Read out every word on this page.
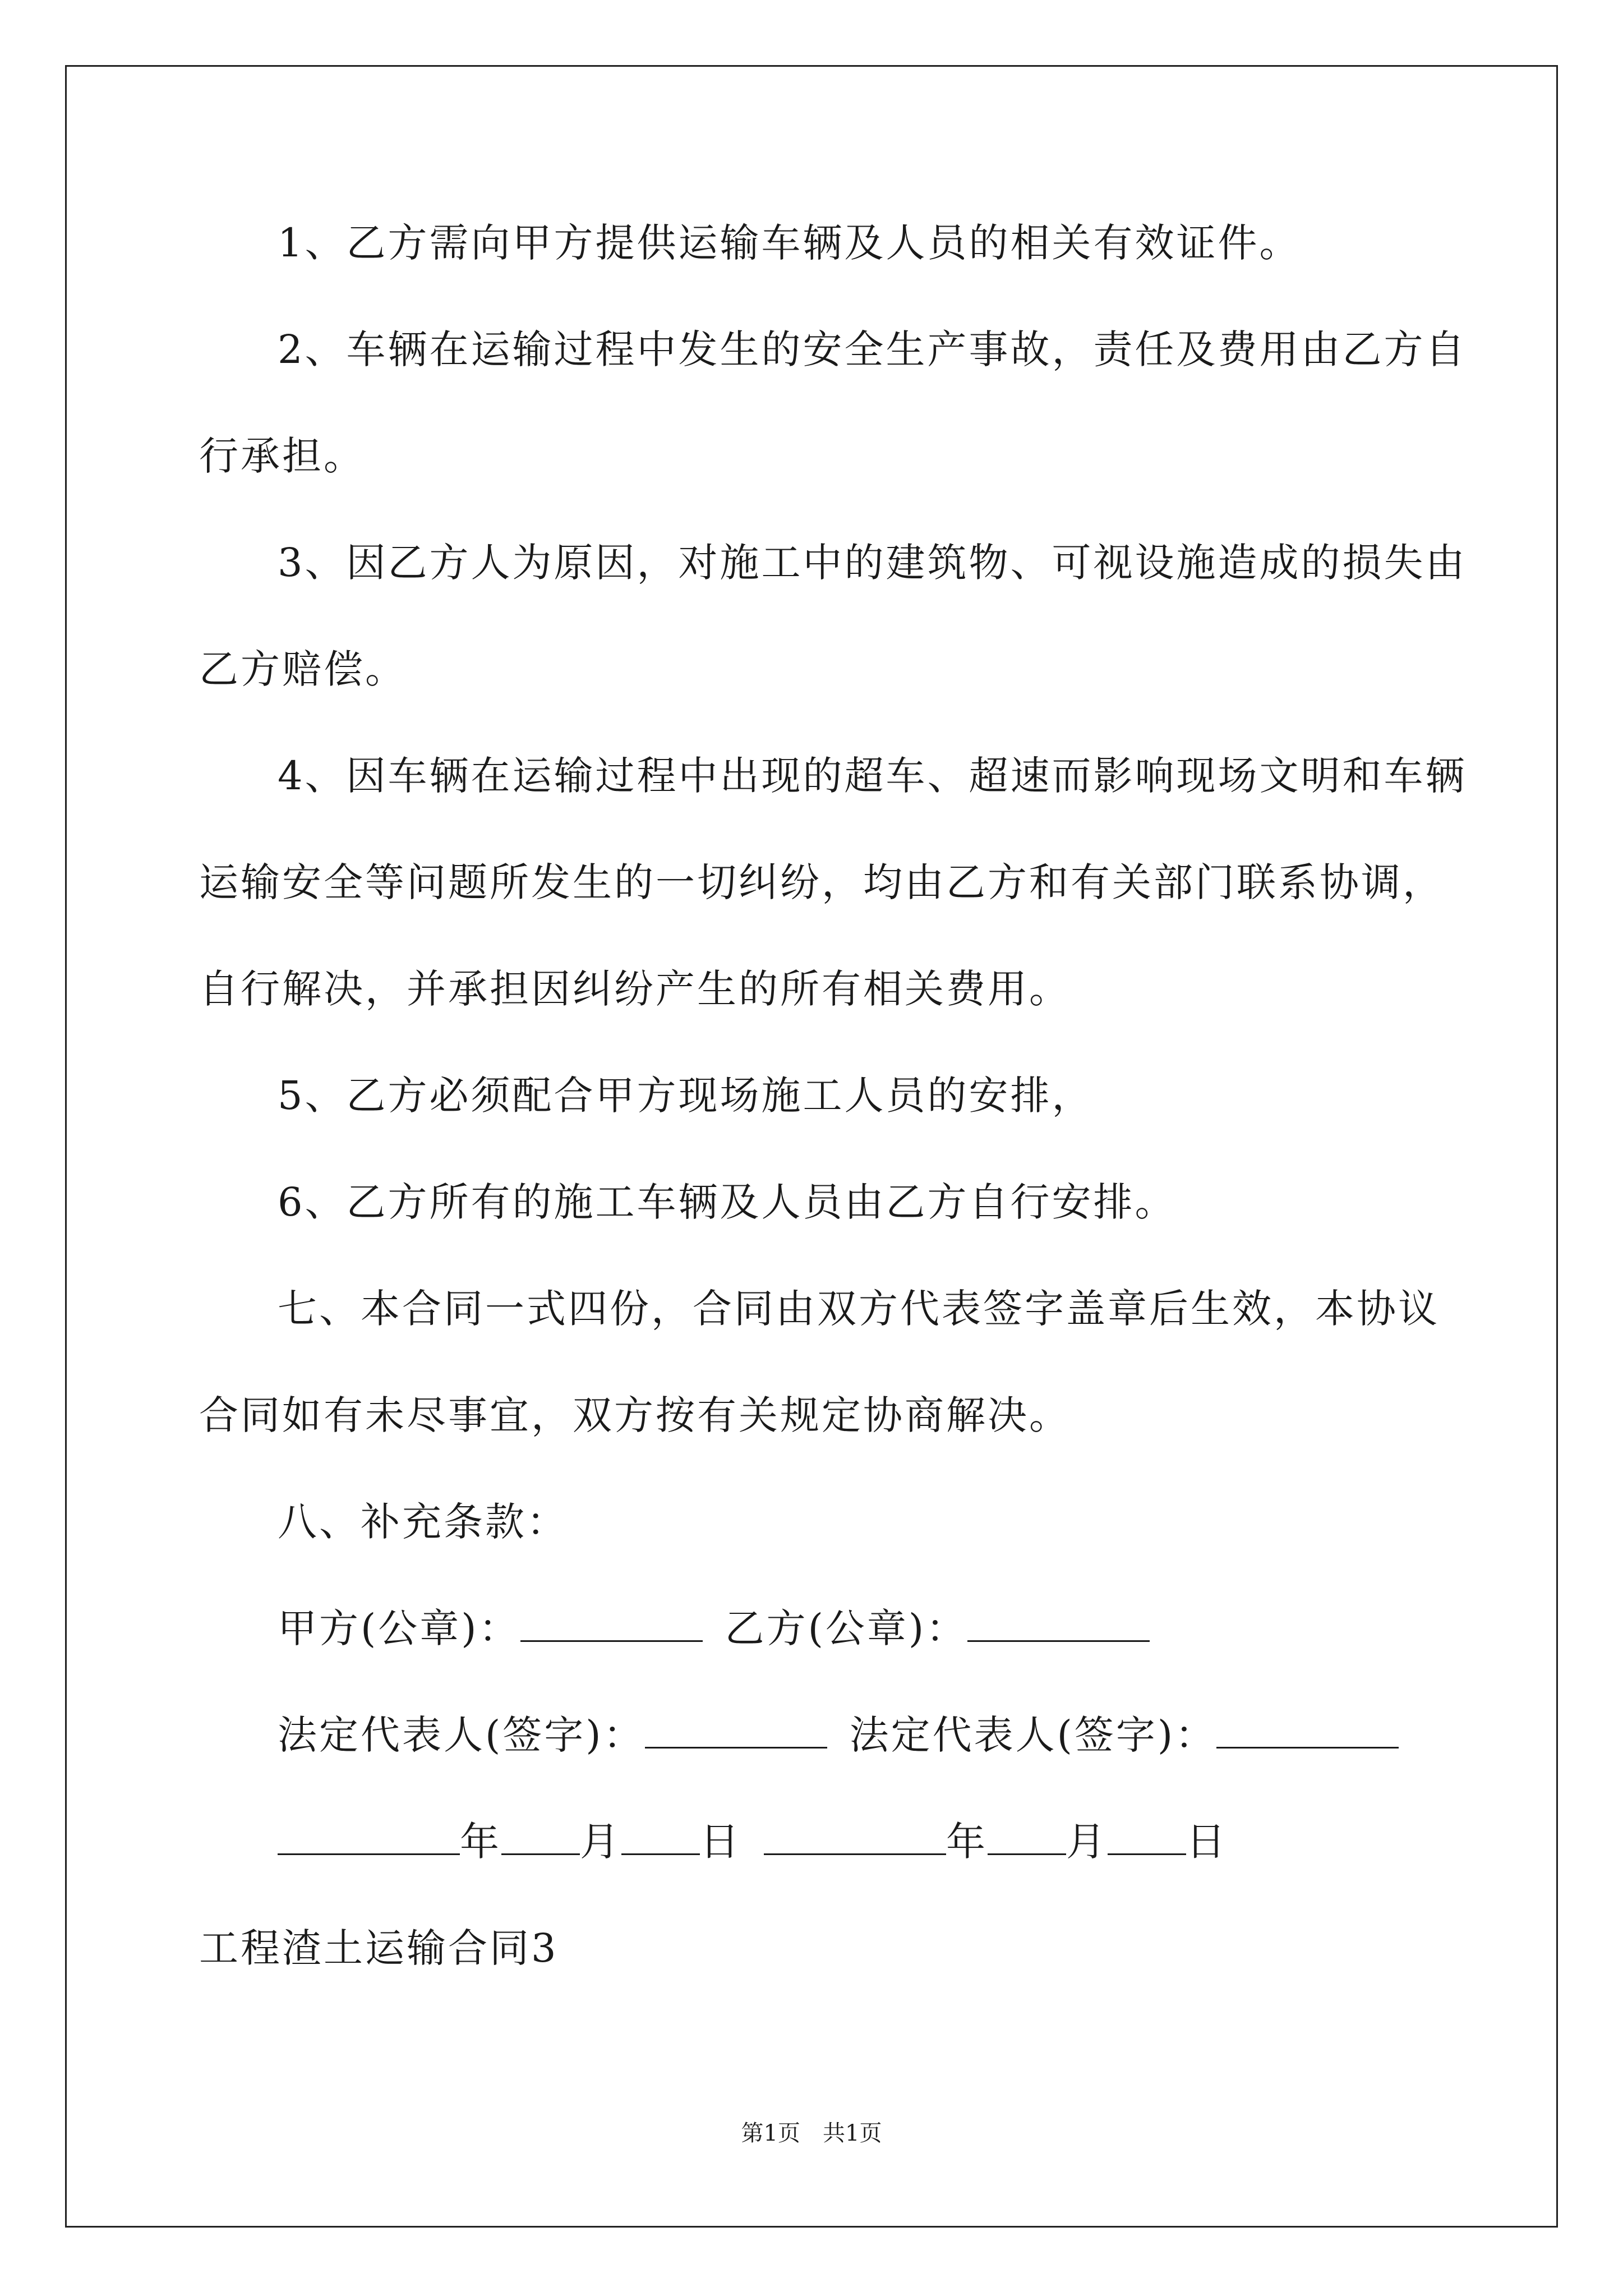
1、乙方需向甲方提供运输车辆及人员的相关有效证件。
2、车辆在运输过程中发生的安全生产事故，责任及费用由乙方自
行承担。
3、因乙方人为原因，对施工中的建筑物、可视设施造成的损失由
乙方赔偿。
4、因车辆在运输过程中出现的超车、超速而影响现场文明和车辆
运输安全等问题所发生的一切纠纷，均由乙方和有关部门联系协调，
自行解决，并承担因纠纷产生的所有相关费用。
5、乙方必须配合甲方现场施工人员的安排，
6、乙方所有的施工车辆及人员由乙方自行安排。
七、本合同一式四份，合同由双方代表签字盖章后生效，本协议
合同如有未尽事宜，双方按有关规定协商解决。
八、补充条款：
甲方(公章)：	乙方(公章)：
法定代表人(签字)：	法定代表人(签字)：
年 月 日	年 月 日
工程渣土运输合同3
第1页 共1页
